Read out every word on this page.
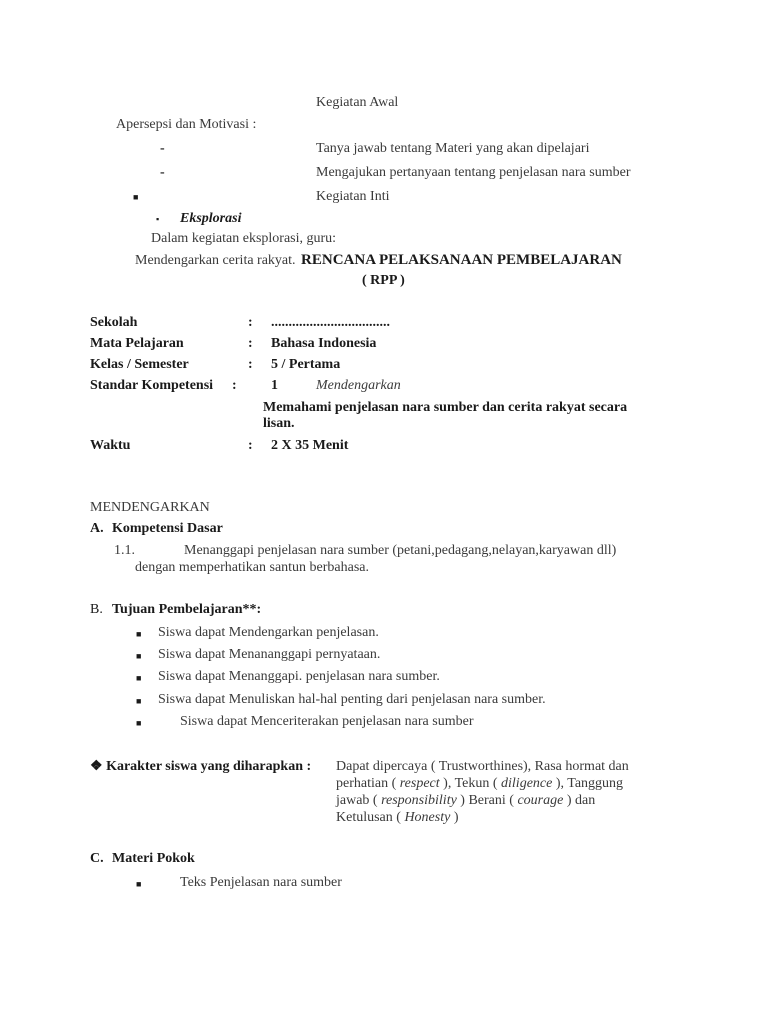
Kegiatan Awal
Apersepsi dan Motivasi :
-	Tanya jawab tentang Materi yang akan dipelajari
-	Mengajukan pertanyaan tentang penjelasan nara sumber
■	Kegiatan Inti
▪ Eksplorasi
Dalam kegiatan eksplorasi, guru:
Mendengarkan cerita rakyat. RENCANA PELAKSANAAN PEMBELAJARAN
( RPP )
Sekolah	: ..................................
Mata Pelajaran	: Bahasa Indonesia
Kelas / Semester	: 5 / Pertama
Standar Kompetensi : 1	Mendengarkan
Memahami penjelasan nara sumber dan cerita rakyat secara
lisan.
Waktu	: 2 X 35 Menit
MENDENGARKAN
A. Kompetensi Dasar
1.1.	Menanggapi penjelasan nara sumber (petani,pedagang,nelayan,karyawan dll)
dengan memperhatikan santun berbahasa.
B. Tujuan Pembelajaran**:
■ Siswa dapat Mendengarkan penjelasan.
■ Siswa dapat Menananggapi pernyataan.
■ Siswa dapat Menanggapi. penjelasan nara sumber.
■ Siswa dapat Menuliskan hal-hal penting dari penjelasan nara sumber.
■	Siswa dapat Menceriterakan penjelasan nara sumber
❖ Karakter siswa yang diharapkan : Dapat dipercaya ( Trustworthines), Rasa hormat dan
perhatian ( respect ), Tekun ( diligence ), Tanggung
jawab ( responsibility ) Berani ( courage ) dan
Ketulusan ( Honesty )
C. Materi Pokok
■	Teks Penjelasan nara sumber
